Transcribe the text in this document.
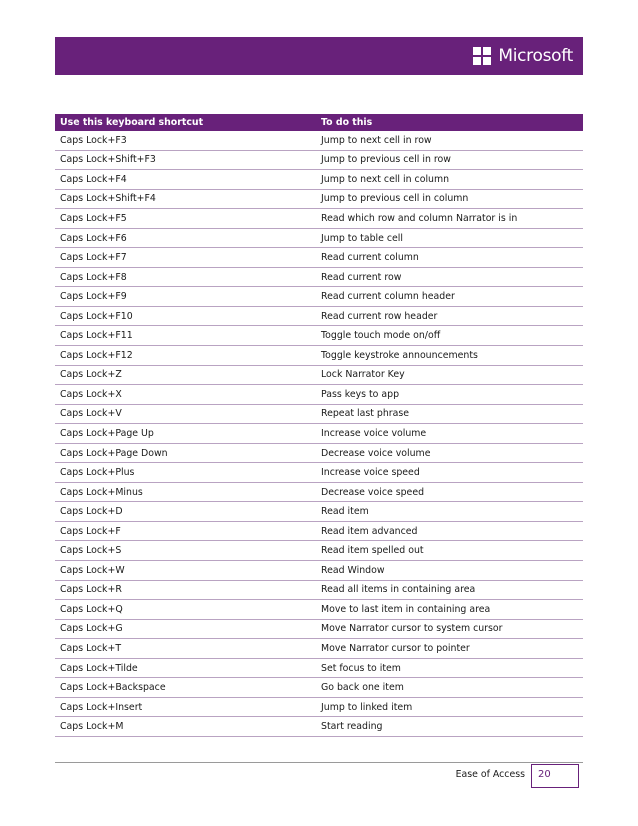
Microsoft
Use this keyboard shortcut	To do this
Caps Lock+F3	Jump to next cell in row
Caps Lock+Shift+F3	Jump to previous cell in row
Caps Lock+F4	Jump to next cell in column
Caps Lock+Shift+F4	Jump to previous cell in column
Caps Lock+F5	Read which row and column Narrator is in
Caps Lock+F6	Jump to table cell
Caps Lock+F7	Read current column
Caps Lock+F8	Read current row
Caps Lock+F9	Read current column header
Caps Lock+F10	Read current row header
Caps Lock+F11	Toggle touch mode on/off
Caps Lock+F12	Toggle keystroke announcements
Caps Lock+Z	Lock Narrator Key
Caps Lock+X	Pass keys to app
Caps Lock+V	Repeat last phrase
Caps Lock+Page Up	Increase voice volume
Caps Lock+Page Down	Decrease voice volume
Caps Lock+Plus	Increase voice speed
Caps Lock+Minus	Decrease voice speed
Caps Lock+D	Read item
Caps Lock+F	Read item advanced
Caps Lock+S	Read item spelled out
Caps Lock+W	Read Window
Caps Lock+R	Read all items in containing area
Caps Lock+Q	Move to last item in containing area
Caps Lock+G	Move Narrator cursor to system cursor
Caps Lock+T	Move Narrator cursor to pointer
Caps Lock+Tilde	Set focus to item
Caps Lock+Backspace	Go back one item
Caps Lock+Insert	Jump to linked item
Caps Lock+M	Start reading
Ease of Access 20
